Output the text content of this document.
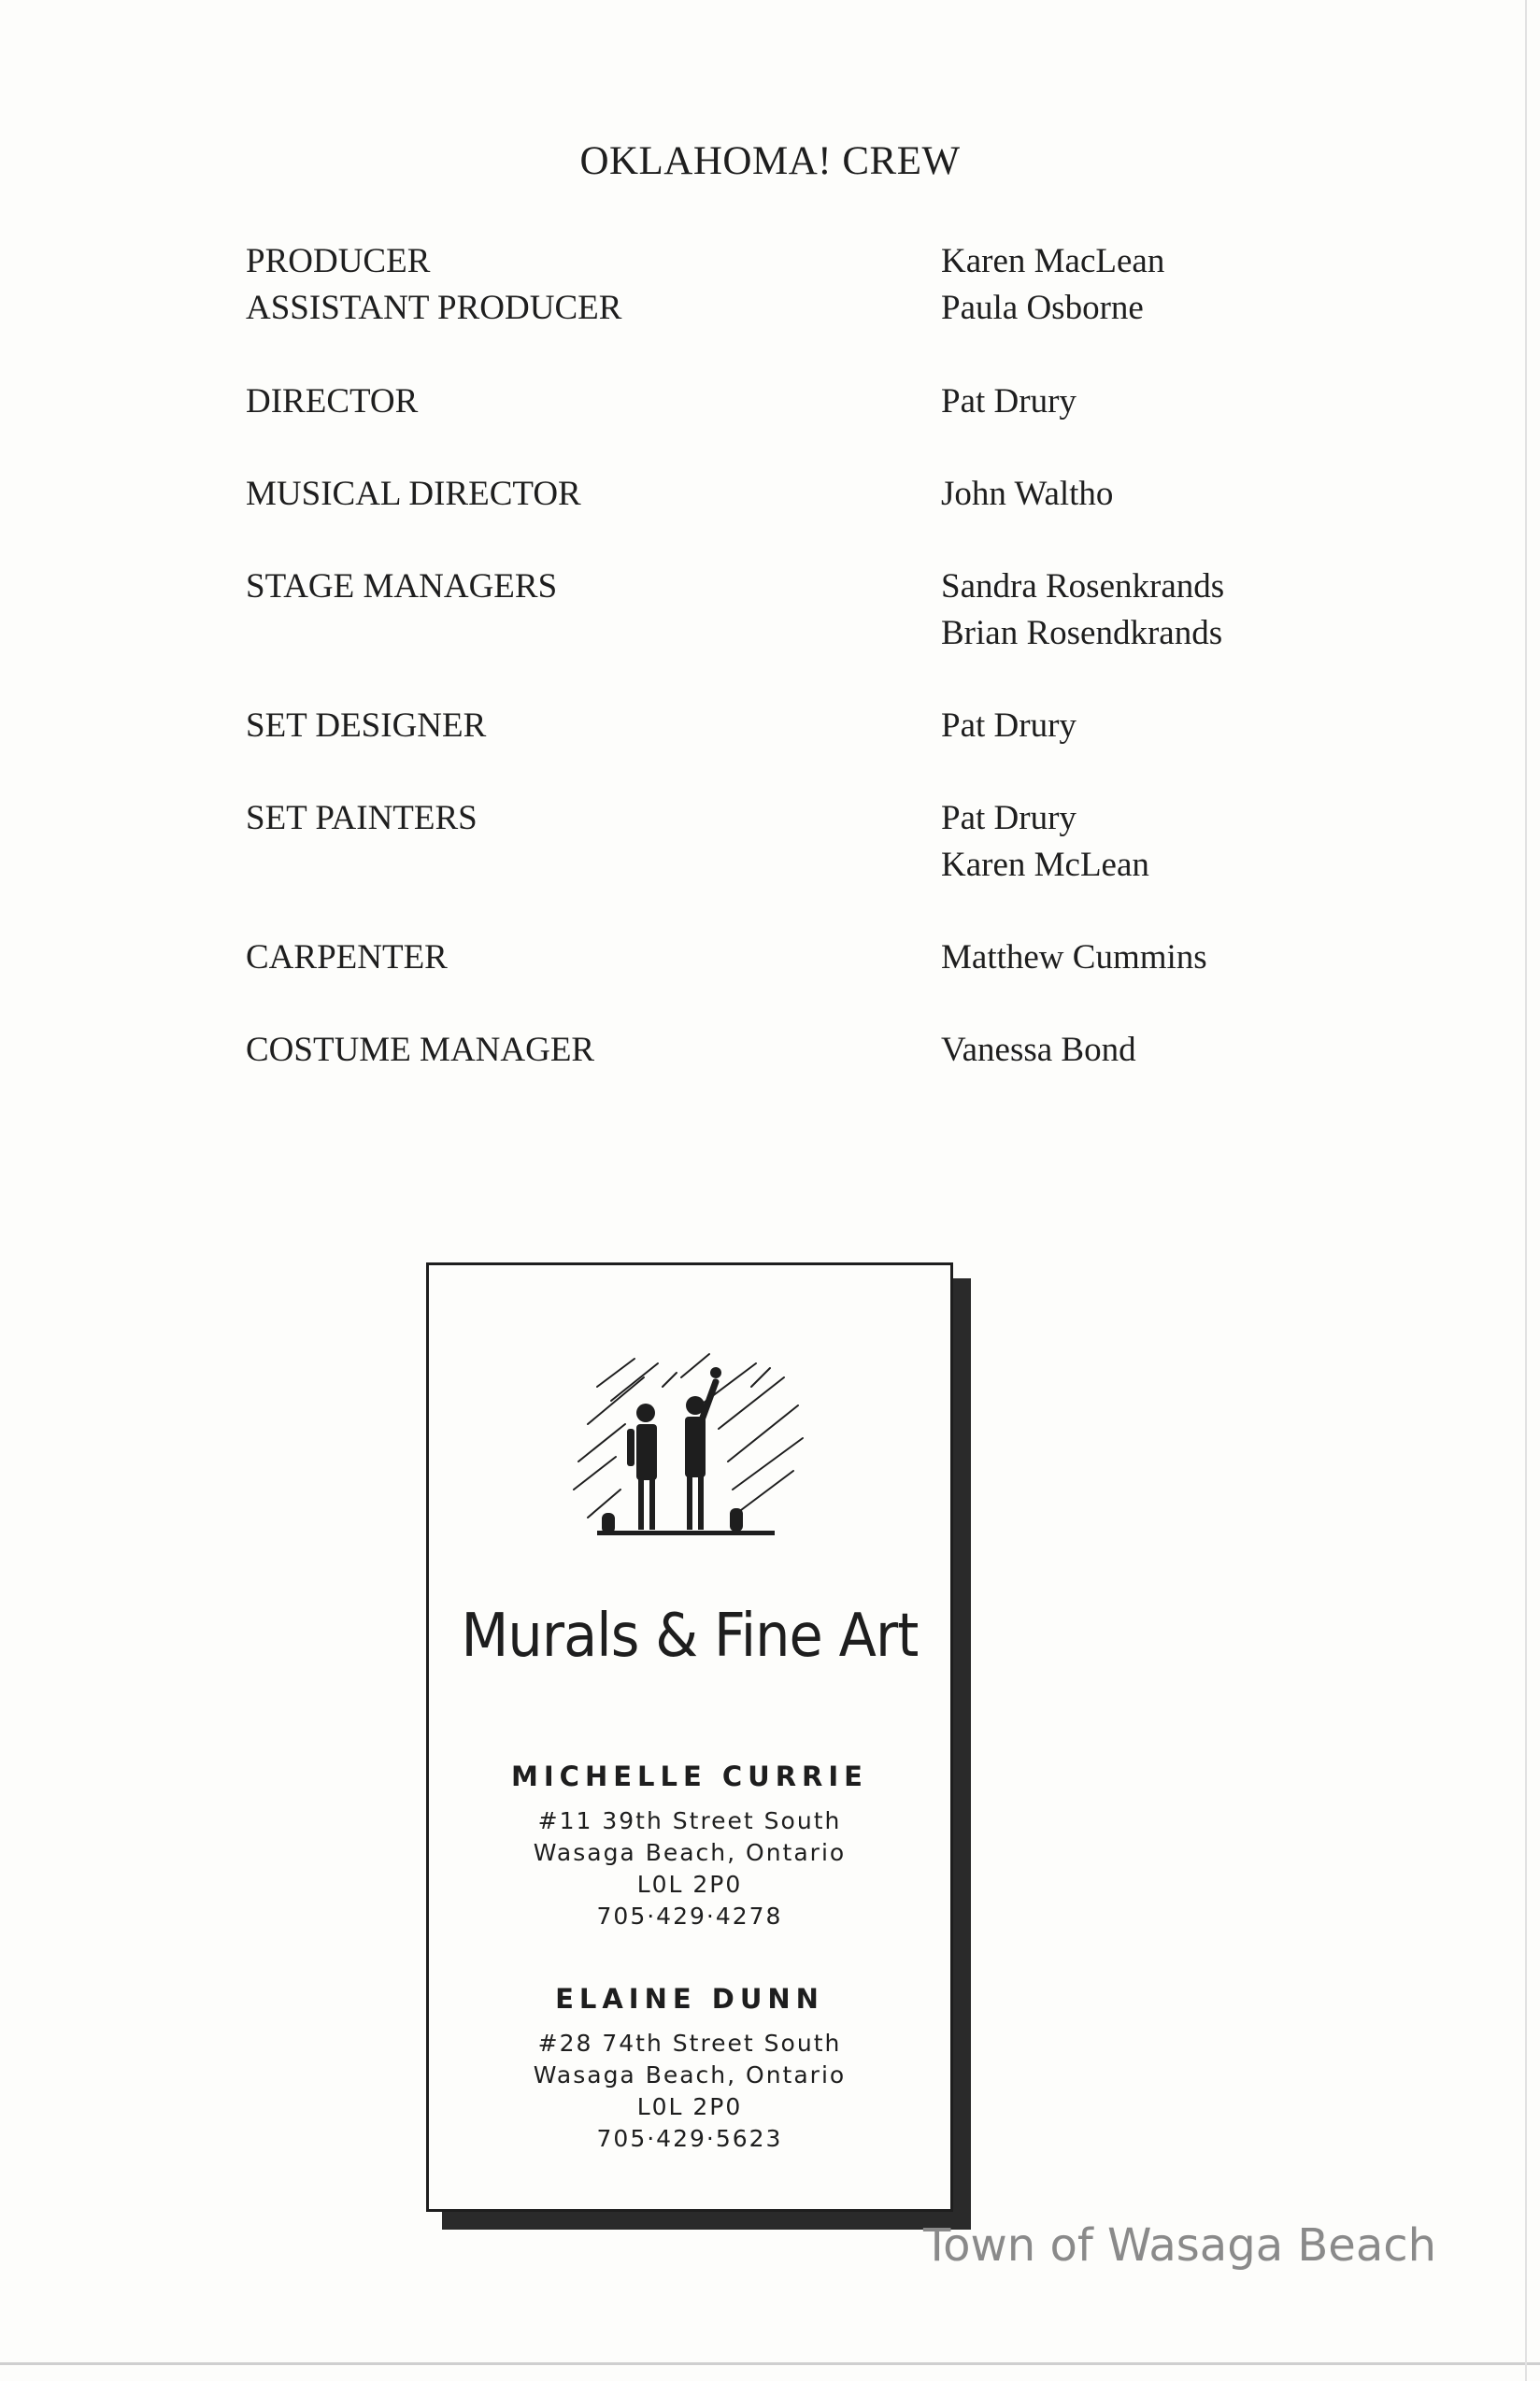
OKLAHOMA! CREW
PRODUCER	Karen MacLean
ASSISTANT PRODUCER	Paula Osborne
DIRECTOR	Pat Drury
MUSICAL DIRECTOR	John Waltho
STAGE MANAGERS	Sandra Rosenkrands
Brian Rosendkrands
SET DESIGNER	Pat Drury
SET PAINTERS	Pat Drury
Karen McLean
CARPENTER	Matthew Cummins
COSTUME MANAGER	Vanessa Bond
Murals & Fine Art
MICHELLE CURRIE
#11 39th Street South
Wasaga Beach, Ontario
L0L 2P0
705·429·4278
ELAINE DUNN
#28 74th Street South
Wasaga Beach, Ontario
L0L 2P0
705·429·5623
Town of Wasaga Beach
